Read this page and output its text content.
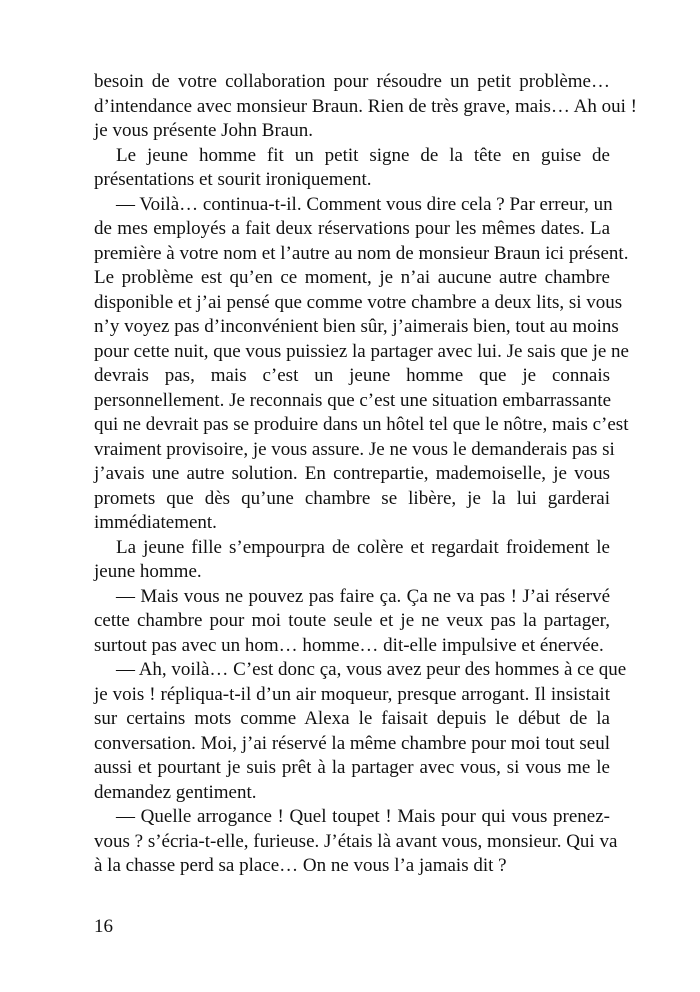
besoin de votre collaboration pour résoudre un petit problème…
d’intendance avec monsieur Braun. Rien de très grave, mais… Ah oui !
je vous présente John Braun.
Le jeune homme fit un petit signe de la tête en guise de
présentations et sourit ironiquement.
— Voilà… continua-t-il. Comment vous dire cela ? Par erreur, un
de mes employés a fait deux réservations pour les mêmes dates. La
première à votre nom et l’autre au nom de monsieur Braun ici présent.
Le problème est qu’en ce moment, je n’ai aucune autre chambre
disponible et j’ai pensé que comme votre chambre a deux lits, si vous
n’y voyez pas d’inconvénient bien sûr, j’aimerais bien, tout au moins
pour cette nuit, que vous puissiez la partager avec lui. Je sais que je ne
devrais pas, mais c’est un jeune homme que je connais
personnellement. Je reconnais que c’est une situation embarrassante
qui ne devrait pas se produire dans un hôtel tel que le nôtre, mais c’est
vraiment provisoire, je vous assure. Je ne vous le demanderais pas si
j’avais une autre solution. En contrepartie, mademoiselle, je vous
promets que dès qu’une chambre se libère, je la lui garderai
immédiatement.
La jeune fille s’empourpra de colère et regardait froidement le
jeune homme.
— Mais vous ne pouvez pas faire ça. Ça ne va pas ! J’ai réservé
cette chambre pour moi toute seule et je ne veux pas la partager,
surtout pas avec un hom… homme… dit-elle impulsive et énervée.
— Ah, voilà… C’est donc ça, vous avez peur des hommes à ce que
je vois ! répliqua-t-il d’un air moqueur, presque arrogant. Il insistait
sur certains mots comme Alexa le faisait depuis le début de la
conversation. Moi, j’ai réservé la même chambre pour moi tout seul
aussi et pourtant je suis prêt à la partager avec vous, si vous me le
demandez gentiment.
— Quelle arrogance ! Quel toupet ! Mais pour qui vous prenez-
vous ? s’écria-t-elle, furieuse. J’étais là avant vous, monsieur. Qui va
à la chasse perd sa place… On ne vous l’a jamais dit ?
16
